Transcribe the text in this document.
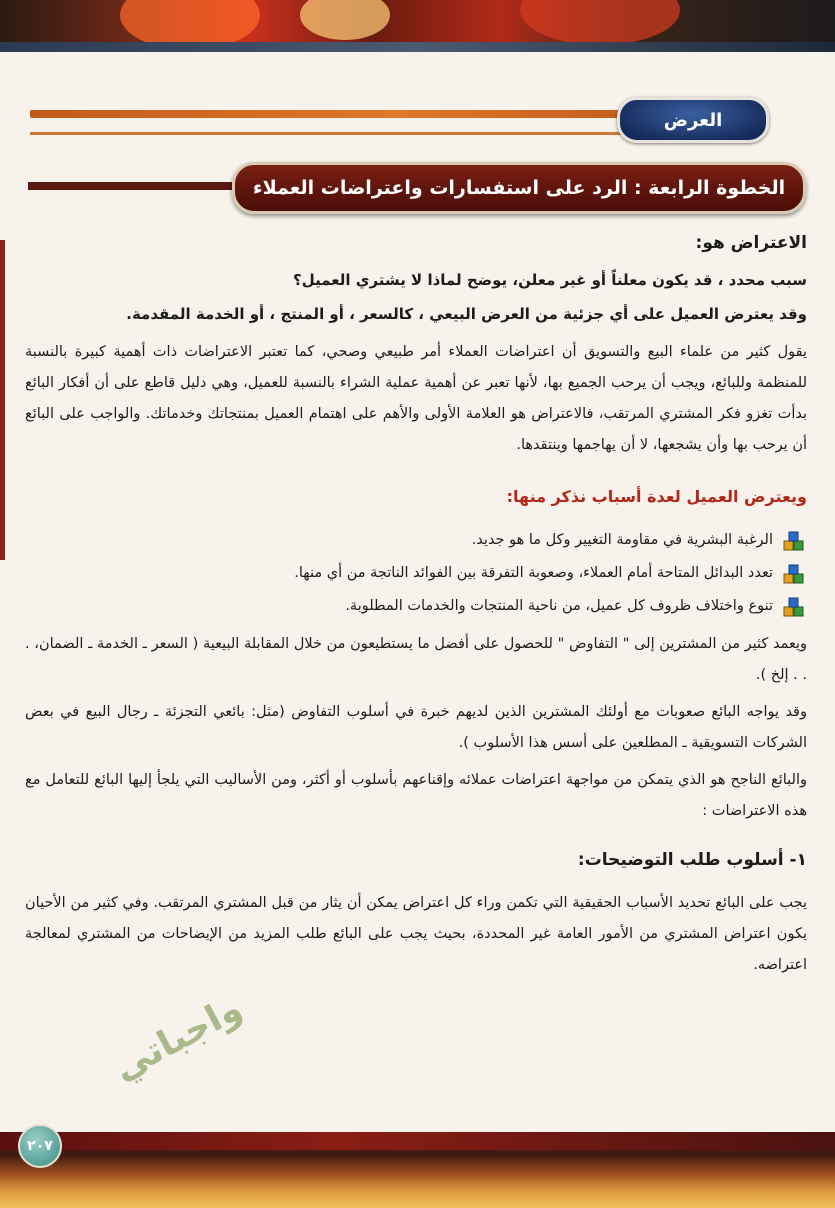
العرض
الخطوة الرابعة : الرد على استفسارات واعتراضات العملاء

الاعتراض هو:

سبب محدد ، قد يكون معلناً أو غير معلن، يوضح لماذا لا يشتري العميل؟

وقد يعترض العميل على أي جزئية من العرض البيعي ، كالسعر ، أو المنتج ، أو الخدمة المقدمة.

يقول كثير من علماء البيع والتسويق أن اعتراضات العملاء أمر طبيعي وصحي، كما تعتبر الاعتراضات ذات أهمية كبيرة بالنسبة للمنظمة وللبائع، ويجب أن يرحب الجميع بها، لأنها تعبر عن أهمية عملية الشراء بالنسبة للعميل، وهي دليل قاطع على أن أفكار البائع بدأت تغزو فكر المشتري المرتقب، فالاعتراض هو العلامة الأولى والأهم على اهتمام العميل بمنتجاتك وخدماتك. والواجب على البائع أن يرحب بها وأن يشجعها، لا أن يهاجمها وينتقدها.

ويعترض العميل لعدة أسباب نذكر منها:

الرغبة البشرية في مقاومة التغيير وكل ما هو جديد.
تعدد البدائل المتاحة أمام العملاء، وصعوبة التفرقة بين الفوائد الناتجة من أي منها.
تنوع واختلاف ظروف كل عميل، من ناحية المنتجات والخدمات المطلوبة.

ويعمد كثير من المشترين إلى " التفاوض " للحصول على أفضل ما يستطيعون من خلال المقابلة البيعية ( السعر ـ الخدمة ـ الضمان، . . . إلخ ).

وقد يواجه البائع صعوبات مع أولئك المشترين الذين لديهم خبرة في أسلوب التفاوض (مثل: بائعي التجزئة ـ رجال البيع في بعض الشركات التسويقية ـ المطلعين على أسس هذا الأسلوب ).

والبائع الناجح هو الذي يتمكن من مواجهة اعتراضات عملائه وإقناعهم بأسلوب أو أكثر، ومن الأساليب التي يلجأ إليها البائع للتعامل مع هذه الاعتراضات :

١- أسلوب طلب التوضيحات:

يجب على البائع تحديد الأسباب الحقيقية التي تكمن وراء كل اعتراض يمكن أن يثار من قبل المشتري المرتقب. وفي كثير من الأحيان يكون اعتراض المشتري من الأمور العامة غير المحددة، بحيث يجب على البائع طلب المزيد من الإيضاحات من المشتري لمعالجة اعتراضه.

واجباتي
٢٠٧
